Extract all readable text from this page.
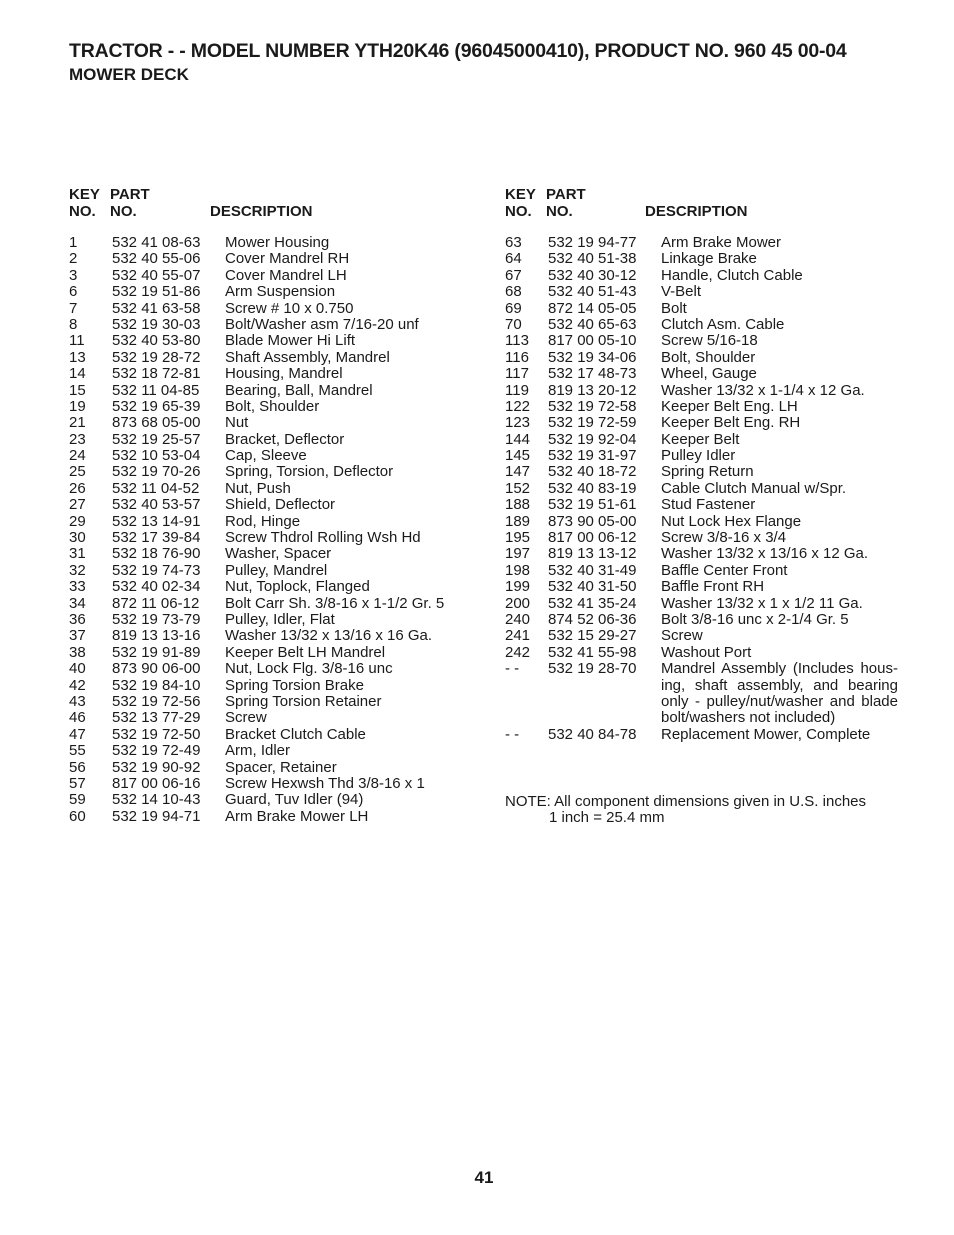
TRACTOR - - MODEL NUMBER YTH20K46 (96045000410), PRODUCT NO. 960 45 00-04
MOWER DECK
KEY
NO.
PART
NO.	DESCRIPTION
1 532 41 08-63 Mower Housing
2 532 40 55-06 Cover Mandrel RH
3 532 40 55-07 Cover Mandrel LH
6 532 19 51-86 Arm Suspension
7 532 41 63-58 Screw # 10 x 0.750
8 532 19 30-03 Bolt/Washer asm 7/16-20 unf
11 532 40 53-80 Blade Mower Hi Lift
13 532 19 28-72 Shaft Assembly, Mandrel
14 532 18 72-81 Housing, Mandrel
15 532 11 04-85 Bearing, Ball, Mandrel
19 532 19 65-39 Bolt, Shoulder
21 873 68 05-00 Nut
23 532 19 25-57 Bracket, Deflector
24 532 10 53-04 Cap, Sleeve
25 532 19 70-26 Spring, Torsion, Deflector
26 532 11 04-52 Nut, Push
27 532 40 53-57 Shield, Deflector
29 532 13 14-91 Rod, Hinge
30 532 17 39-84 Screw Thdrol Rolling Wsh Hd
31 532 18 76-90 Washer, Spacer
32 532 19 74-73 Pulley, Mandrel
33 532 40 02-34 Nut, Toplock, Flanged
34 872 11 06-12 Bolt Carr Sh. 3/8-16 x 1-1/2 Gr. 5
36 532 19 73-79 Pulley, Idler, Flat
37 819 13 13-16 Washer 13/32 x 13/16 x 16 Ga.
38 532 19 91-89 Keeper Belt LH Mandrel
40 873 90 06-00 Nut, Lock Flg. 3/8-16 unc
42 532 19 84-10 Spring Torsion Brake
43 532 19 72-56 Spring Torsion Retainer
46 532 13 77-29 Screw
47 532 19 72-50 Bracket Clutch Cable
55 532 19 72-49 Arm, Idler
56 532 19 90-92 Spacer, Retainer
57 817 00 06-16 Screw Hexwsh Thd 3/8-16 x 1
59 532 14 10-43 Guard, Tuv Idler (94)
60 532 19 94-71 Arm Brake Mower LH
KEY
NO.
PART
NO.	DESCRIPTION
63 532 19 94-77 Arm Brake Mower
64 532 40 51-38 Linkage Brake
67 532 40 30-12 Handle, Clutch Cable
68 532 40 51-43 V-Belt
69 872 14 05-05 Bolt
70 532 40 65-63 Clutch Asm. Cable
113 817 00 05-10 Screw 5/16-18
116 532 19 34-06 Bolt, Shoulder
117 532 17 48-73 Wheel, Gauge
119 819 13 20-12 Washer 13/32 x 1-1/4 x 12 Ga.
122 532 19 72-58 Keeper Belt Eng. LH
123 532 19 72-59 Keeper Belt Eng. RH
144 532 19 92-04 Keeper Belt
145 532 19 31-97 Pulley Idler
147 532 40 18-72 Spring Return
152 532 40 83-19 Cable Clutch Manual w/Spr.
188 532 19 51-61 Stud Fastener
189 873 90 05-00 Nut Lock Hex Flange
195 817 00 06-12 Screw 3/8-16 x 3/4
197 819 13 13-12 Washer 13/32 x 13/16 x 12 Ga.
198 532 40 31-49 Baffle Center Front
199 532 40 31-50 Baffle Front RH
200 532 41 35-24 Washer 13/32 x 1 x 1/2 11 Ga.
240 874 52 06-36 Bolt 3/8-16 unc x 2-1/4 Gr. 5
241 532 15 29-27 Screw
242 532 41 55-98 Washout Port
- - 532 19 28-70 Mandrel Assembly (Includes hous-
ing, shaft assembly, and bearing
only - pulley/nut/washer and blade
bolt/washers not included)
- - 532 40 84-78 Replacement Mower, Complete
NOTE: All component dimensions given in U.S. inches
1 inch = 25.4 mm
41
